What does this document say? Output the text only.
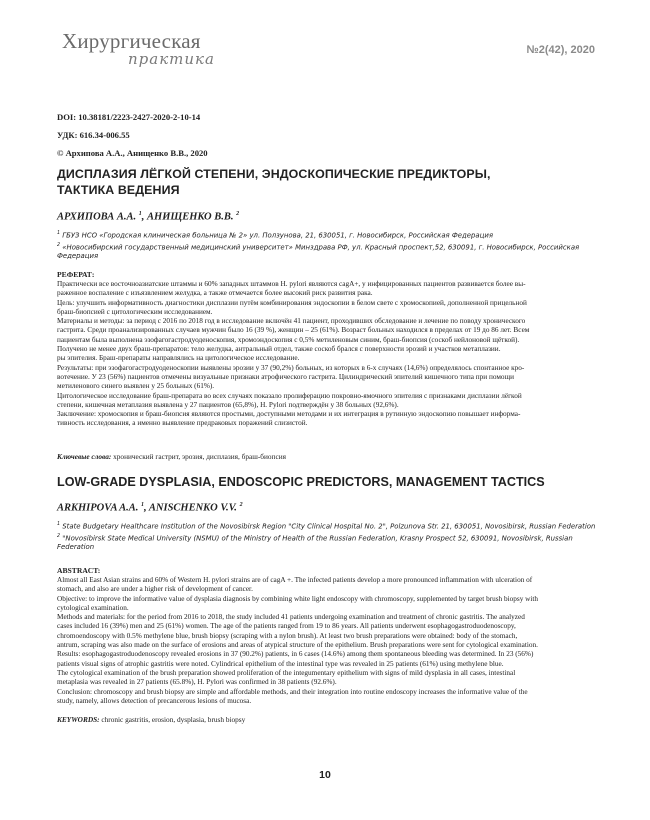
Хирургическая
практика	№2(42), 2020
DOI: 10.38181/2223-2427-2020-2-10-14
УДК: 616.34-006.55
© Архипова А.А., Анищенко В.В., 2020
ДИСПЛАЗИЯ ЛЁГКОЙ СТЕПЕНИ, ЭНДОСКОПИЧЕСКИЕ ПРЕДИКТОРЫ,
ТАКТИКА ВЕДЕНИЯ
АРХИПОВА А.А. $^1$, АНИЩЕНКО В.В. $^2$
$^1$ ГБУЗ НСО «Городская клиническая больница № 2» ул. Ползунова, 21, 630051, г. Новосибирск, Российская Федерация
$^2$ «Новосибирский государственный медицинский университет» Минздрава РФ, ул. Красный проспект,52, 630091, г. Новосибирск, Российская Федерация
РЕФЕРАТ:

Практически все восточноазиатские штаммы и 60% западных штаммов H. pylori являются cagA+, у инфицированных пациентов развивается более вы-

раженное воспаление с изъязвлением желудка, а также отмечается более высокий риск развития рака.

Цель: улучшить информативность диагностики дисплазии путём комбинирования эндоскопии в белом свете с хромоскопией, дополненной прицельной

браш-биопсией с цитологическим исследованием.

Материалы и методы: за период с 2016 по 2018 год в исследование включён 41 пациент, проходивших обследование и лечение по поводу хронического

гастрита. Среди проанализированных случаев мужчин было 16 (39 %), женщин – 25 (61%). Возраст больных находился в пределах от 19 до 86 лет. Всем

пациентам была выполнена эзофагогастродуоденоскопия, хромоэндоскопия с 0,5% метиленовым синим, браш-биопсия (соскоб нейлоновой щёткой).

Получено не менее двух браш-препаратов: тело желудка, антральный отдел, также соскоб брался с поверхности эрозий и участков метаплазии.

ры эпителия. Браш-препараты направлялись на цитологическое исследование.

Результаты: при эзофагогастродуоденоскопии выявлены эрозии у 37 (90,2%) больных, из которых в 6-х случаях (14,6%) определялось спонтанное кро-

вотечение. У 23 (56%) пациентов отмечены визуальные признаки атрофического гастрита. Цилиндрический эпителий кишечного типа при помощи

метиленового синего выявлен у 25 больных (61%).

Цитологическое исследование браш-препарата во всех случаях показало пролиферацию покровно-ямочного эпителия с признаками дисплазии лёгкой

степени, кишечная метаплазия выявлена у 27 пациентов (65,8%), H. Pylori подтверждён у 38 больных (92,6%).

Заключение: хромоскопия и браш-биопсия являются простыми, доступными методами и их интеграция в рутинную эндоскопию повышает информа-

тивность исследования, а именно выявление предраковых поражений слизистой.

Ключевые слова: хронический гастрит, эрозия, дисплазия, браш-биопсия
LOW-GRADE DYSPLASIA, ENDOSCOPIC PREDICTORS, MANAGEMENT TACTICS
ARKHIPOVA A.A. $^1$, ANISCHENKO V.V. $^2$
$^1$ State Budgetary Healthcare Institution of the Novosibirsk Region "City Clinical Hospital No. 2", Polzunova Str. 21, 630051, Novosibirsk, Russian Federation
$^2$ "Novosibirsk State Medical University (NSMU) of the Ministry of Health of the Russian Federation, Krasny Prospect 52, 630091, Novosibirsk, Russian Federation
ABSTRACT:

Almost all East Asian strains and 60% of Western H. pylori strains are of cagA +. The infected patients develop a more pronounced inflammation with ulceration of

stomach, and also are under a higher risk of development of cancer.

Objective: to improve the informative value of dysplasia diagnosis by combining white light endoscopy with chromoscopy, supplemented by target brush biopsy with

cytological examination.

Methods and materials: for the period from 2016 to 2018, the study included 41 patients undergoing examination and treatment of chronic gastritis. The analyzed

cases included 16 (39%) men and 25 (61%) women. The age of the patients ranged from 19 to 86 years. All patients underwent esophagogastroduodenoscopy,

chromoendoscopy with 0.5% methylene blue, brush biopsy (scraping with a nylon brush). At least two brush preparations were obtained: body of the stomach,

antrum, scraping was also made on the surface of erosions and areas of atypical structure of the epithelium. Brush preparations were sent for cytological examination.

Results: esophagogastroduodenoscopy revealed erosions in 37 (90.2%) patients, in 6 cases (14.6%) among them spontaneous bleeding was determined. In 23 (56%)

patients visual signs of atrophic gastritis were noted. Cylindrical epithelium of the intestinal type was revealed in 25 patients (61%) using methylene blue.

The cytological examination of the brush preparation showed proliferation of the integumentary epithelium with signs of mild dysplasia in all cases, intestinal

metaplasia was revealed in 27 patients (65.8%), H. Pylori was confirmed in 38 patients (92.6%).

Conclusion: chromoscopy and brush biopsy are simple and affordable methods, and their integration into routine endoscopy increases the informative value of the

study, namely, allows detection of precancerous lesions of mucosa.

KEYWORDS: chronic gastritis, erosion, dysplasia, brush biopsy
10
